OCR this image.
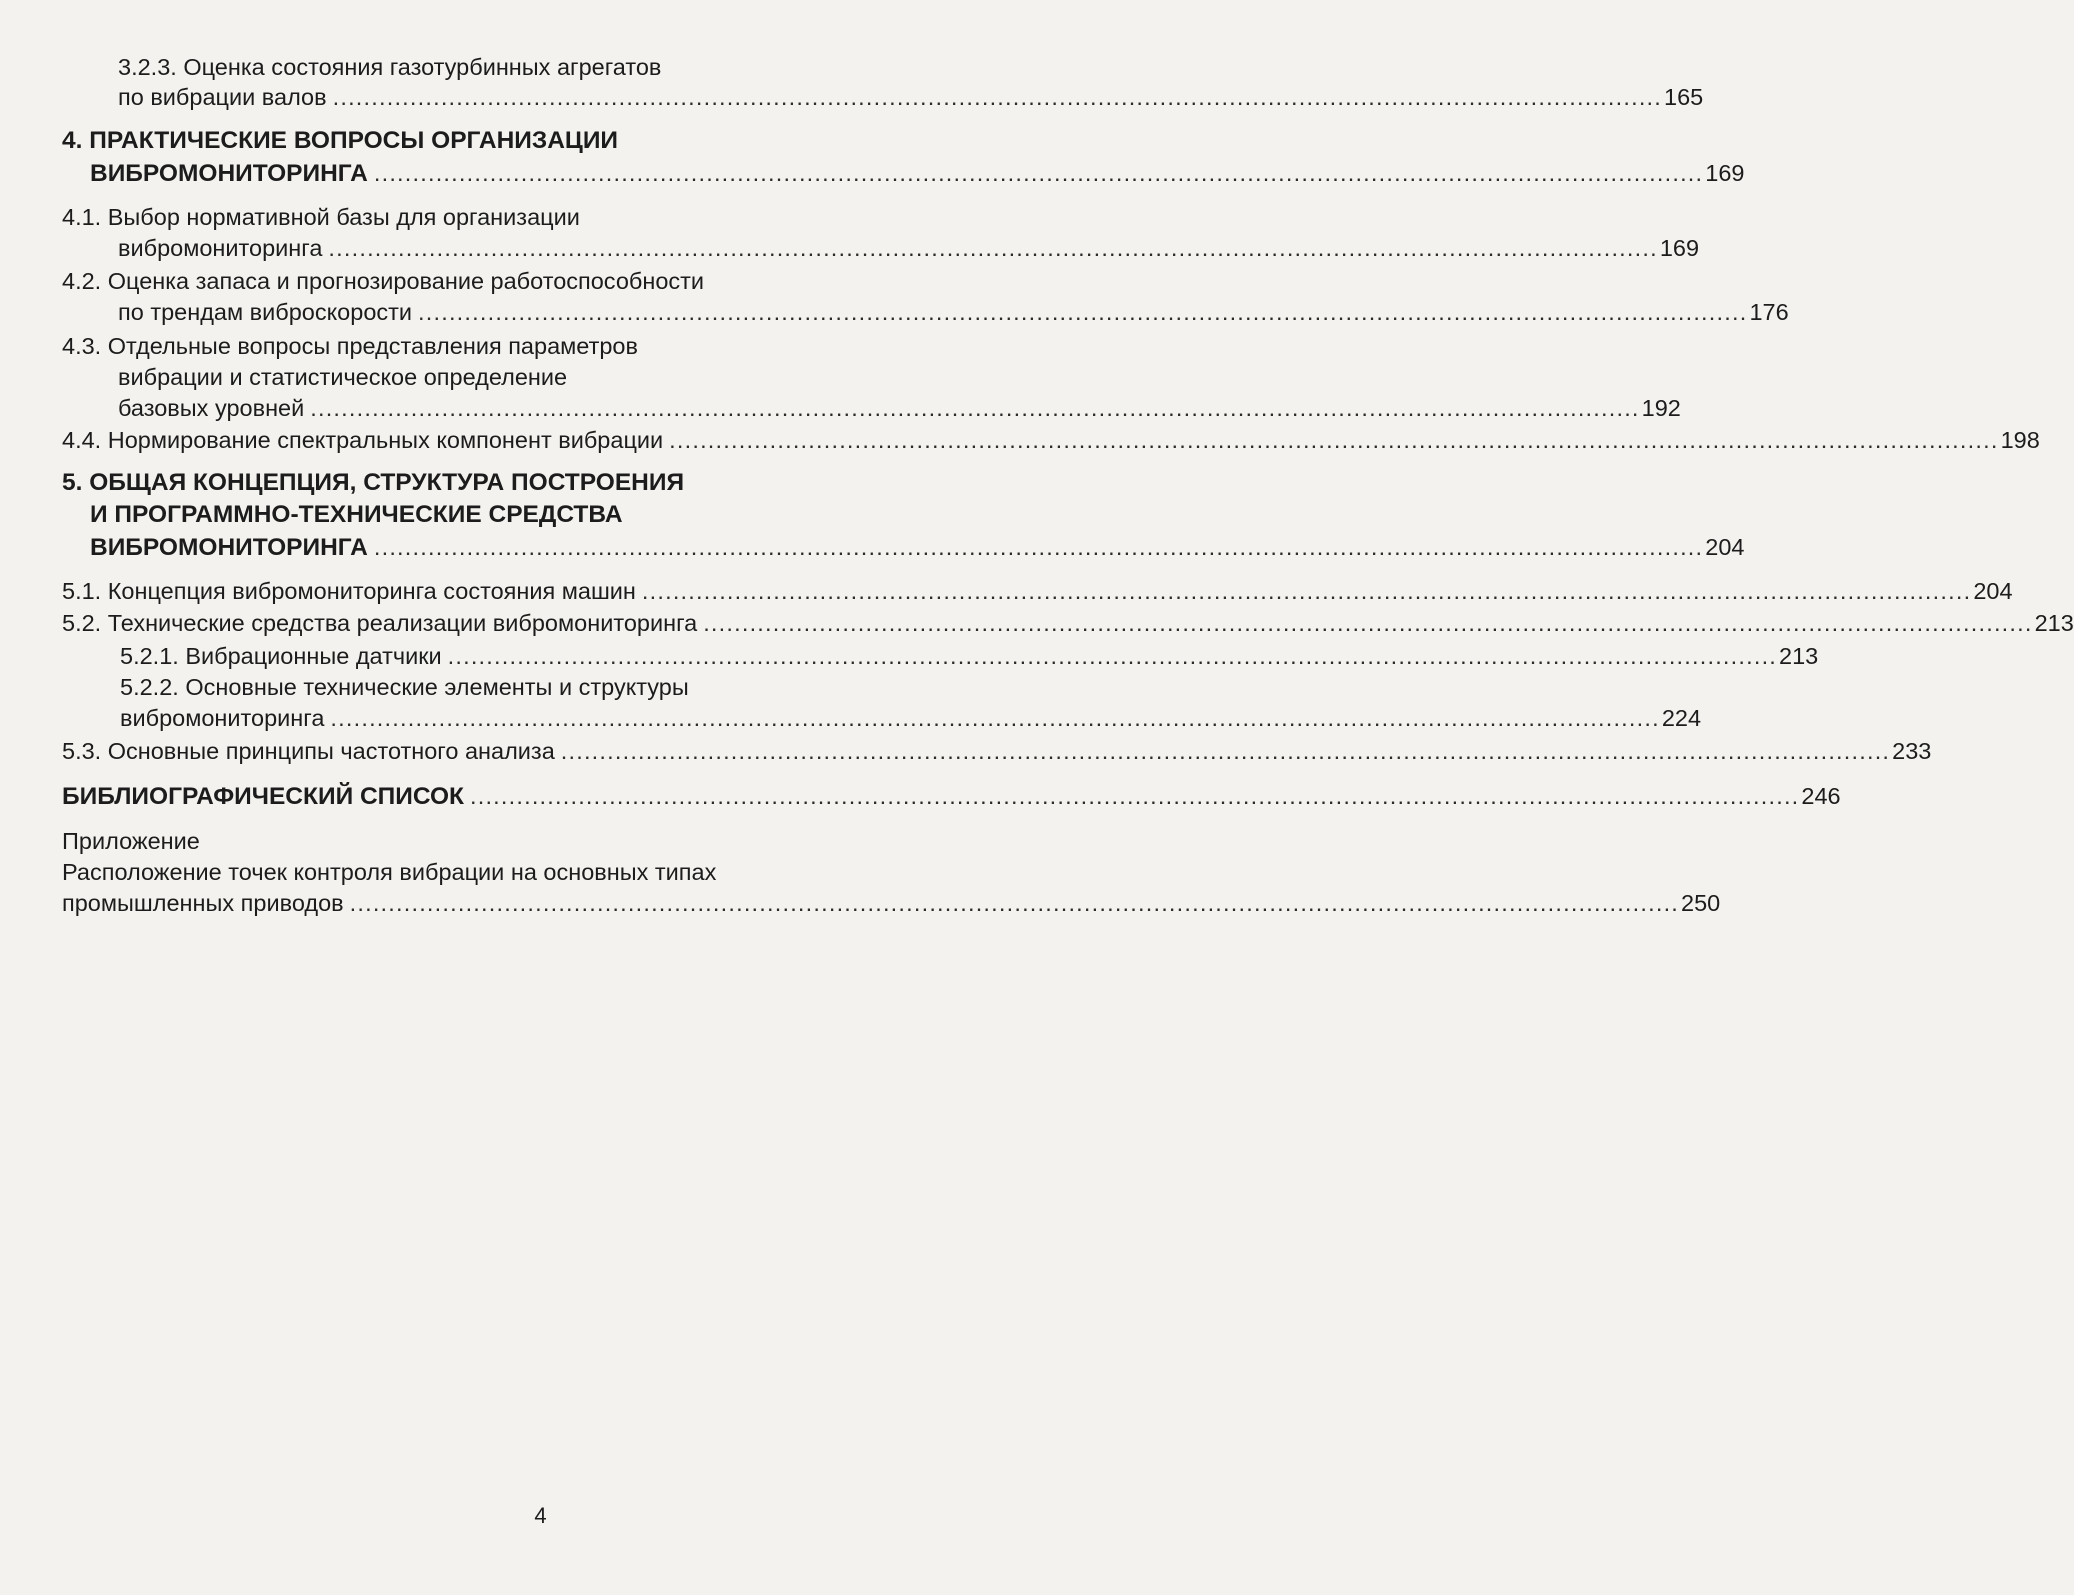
3.2.3. Оценка состояния газотурбинных агрегатов
по вибрации валов ............................................................................................................................................................................ 165
4. ПРАКТИЧЕСКИЕ ВОПРОСЫ ОРГАНИЗАЦИИ
ВИБРОМОНИТОРИНГА ............................................................................................................................................................................ 169
4.1. Выбор нормативной базы для организации
вибромониторинга ............................................................................................................................................................................ 169
4.2. Оценка запаса и прогнозирование работоспособности
по трендам виброскорости ............................................................................................................................................................................ 176
4.3. Отдельные вопросы представления параметров
вибрации и статистическое определение
базовых уровней ............................................................................................................................................................................ 192
4.4. Нормирование спектральных компонент вибрации ............................................................................................................................................................................ 198
5. ОБЩАЯ КОНЦЕПЦИЯ, СТРУКТУРА ПОСТРОЕНИЯ
И ПРОГРАММНО-ТЕХНИЧЕСКИЕ СРЕДСТВА
ВИБРОМОНИТОРИНГА ............................................................................................................................................................................ 204
5.1. Концепция вибромониторинга состояния машин ............................................................................................................................................................................ 204
5.2. Технические средства реализации вибромониторинга ............................................................................................................................................................................ 213
5.2.1. Вибрационные датчики ............................................................................................................................................................................ 213
5.2.2. Основные технические элементы и структуры
вибромониторинга ............................................................................................................................................................................ 224
5.3. Основные принципы частотного анализа ............................................................................................................................................................................ 233
БИБЛИОГРАФИЧЕСКИЙ СПИСОК ............................................................................................................................................................................ 246
Приложение
Расположение точек контроля вибрации на основных типах
промышленных приводов ............................................................................................................................................................................ 250
4
